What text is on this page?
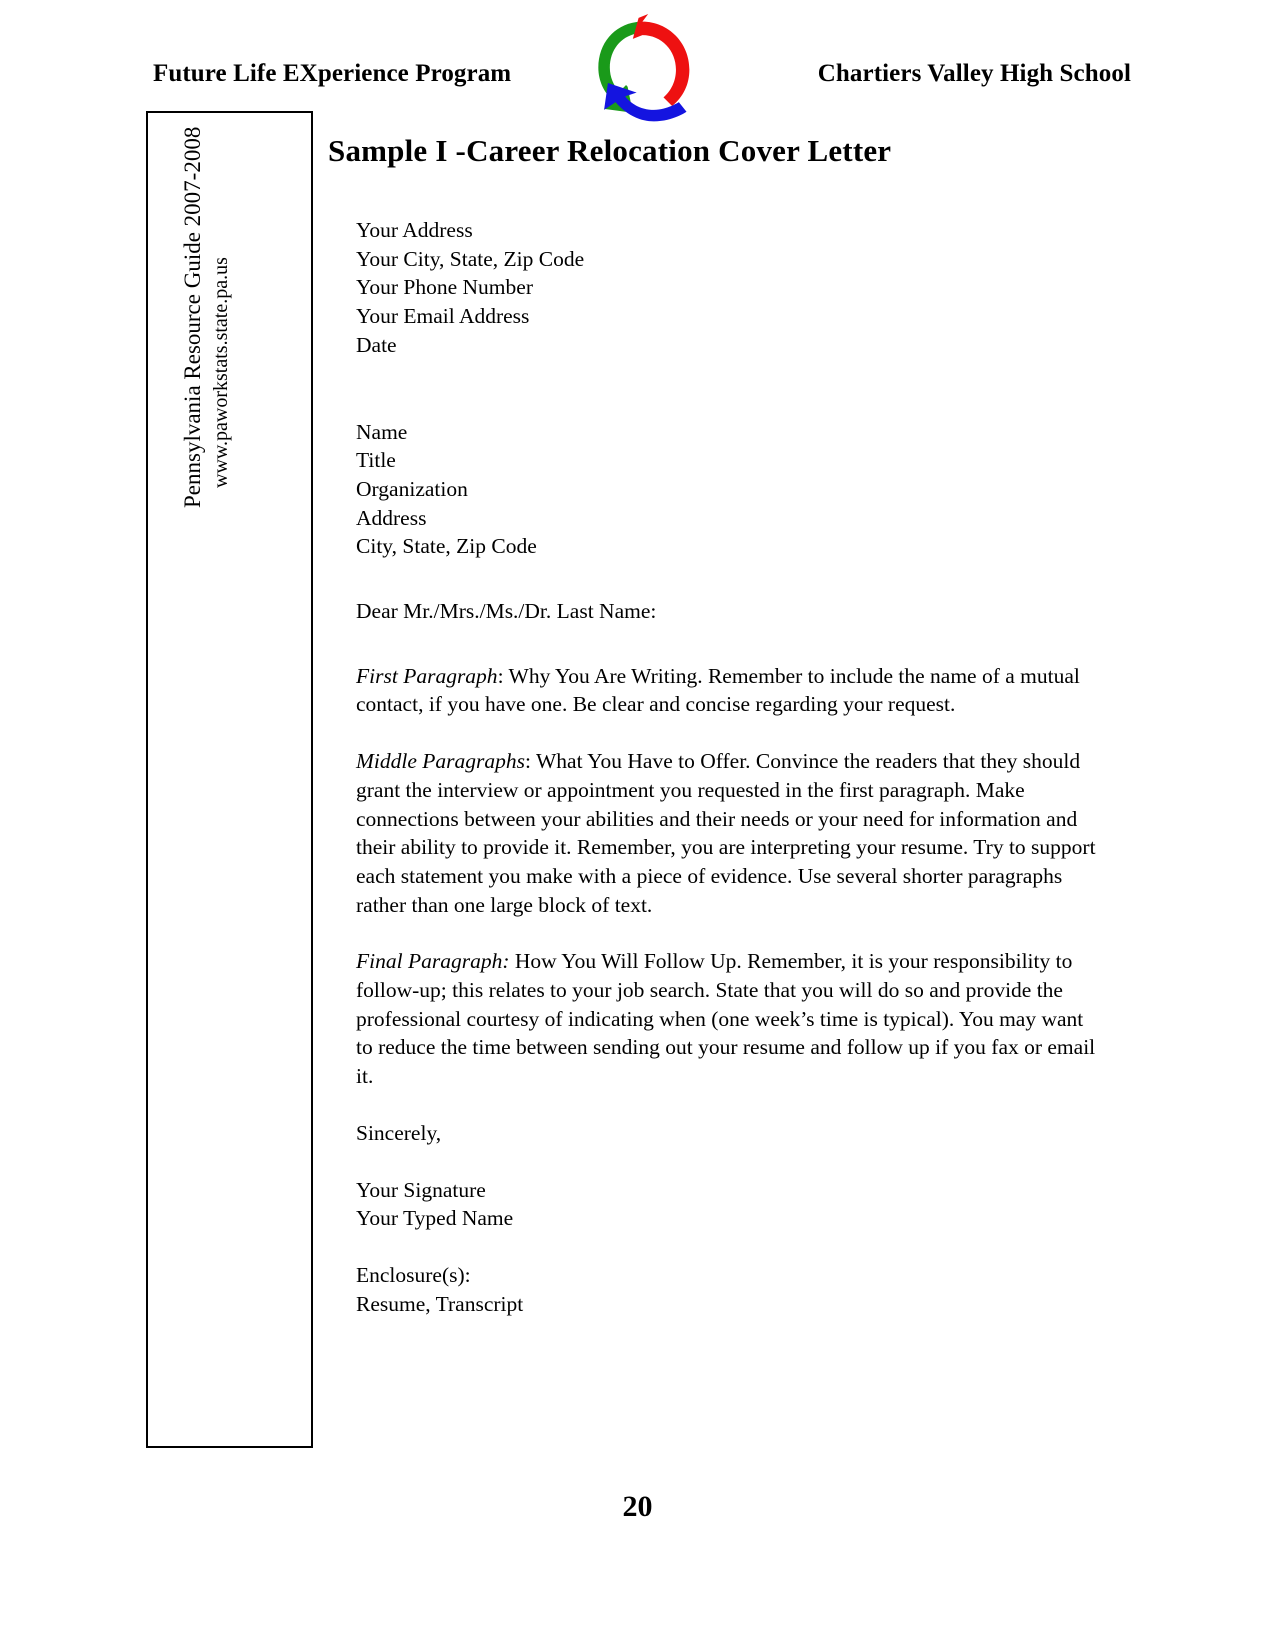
Future Life EXperience Program	Chartiers Valley High School
Pennsylvania Resource Guide 2007-2008 www.paworkstats.state.pa.us
Sample I -Career Relocation Cover Letter
Your Address
Your City, State, Zip Code
Your Phone Number
Your Email Address
Date
Name
Title
Organization
Address
City, State, Zip Code
Dear Mr./Mrs./Ms./Dr. Last Name:

First Paragraph: Why You Are Writing. Remember to include the name of a mutual contact, if you have one. Be clear and concise regarding your request.

Middle Paragraphs: What You Have to Offer. Convince the readers that they should grant the interview or appointment you requested in the first paragraph. Make connections between your abilities and their needs or your need for information and their ability to provide it. Remember, you are interpreting your resume. Try to support each statement you make with a piece of evidence. Use several shorter paragraphs rather than one large block of text.

Final Paragraph: How You Will Follow Up. Remember, it is your responsibility to follow-up; this relates to your job search. State that you will do so and provide the professional courtesy of indicating when (one week’s time is typical). You may want to reduce the time between sending out your resume and follow up if you fax or email it.

Sincerely,
Your Signature
Your Typed Name
Enclosure(s):
Resume, Transcript
20
